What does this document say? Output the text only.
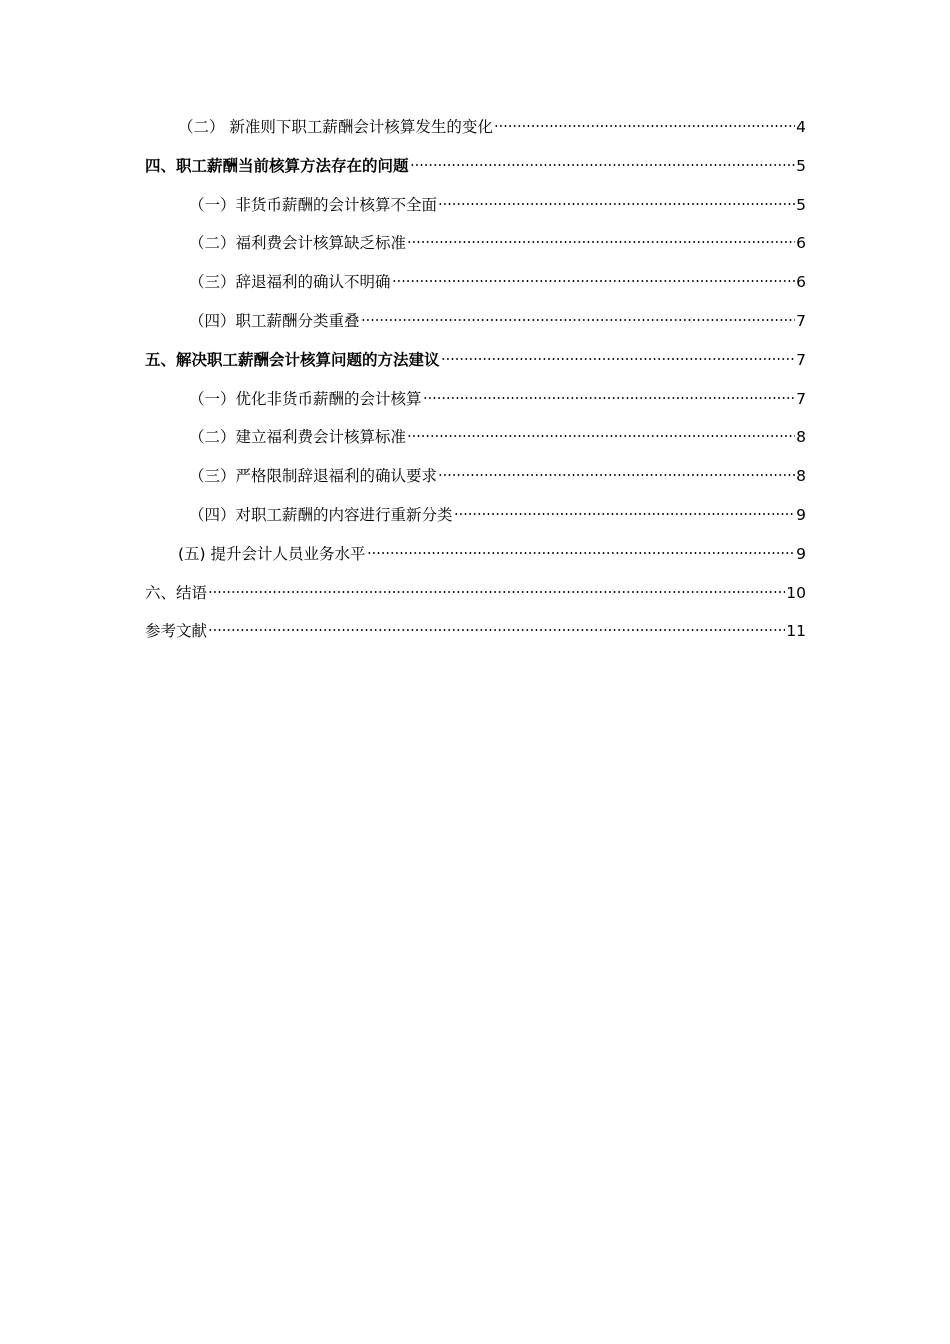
（二） 新准则下职工薪酬会计核算发生的变化	4
四、职工薪酬当前核算方法存在的问题	5
（一）非货币薪酬的会计核算不全面	5
（二）福利费会计核算缺乏标准	6
（三）辞退福利的确认不明确	6
（四）职工薪酬分类重叠	7
五、解决职工薪酬会计核算问题的方法建议	7
（一）优化非货币薪酬的会计核算	7
（二）建立福利费会计核算标准	8
（三）严格限制辞退福利的确认要求	8
（四）对职工薪酬的内容进行重新分类	9
(五) 提升会计人员业务水平	9
六、结语	10
参考文献	11
